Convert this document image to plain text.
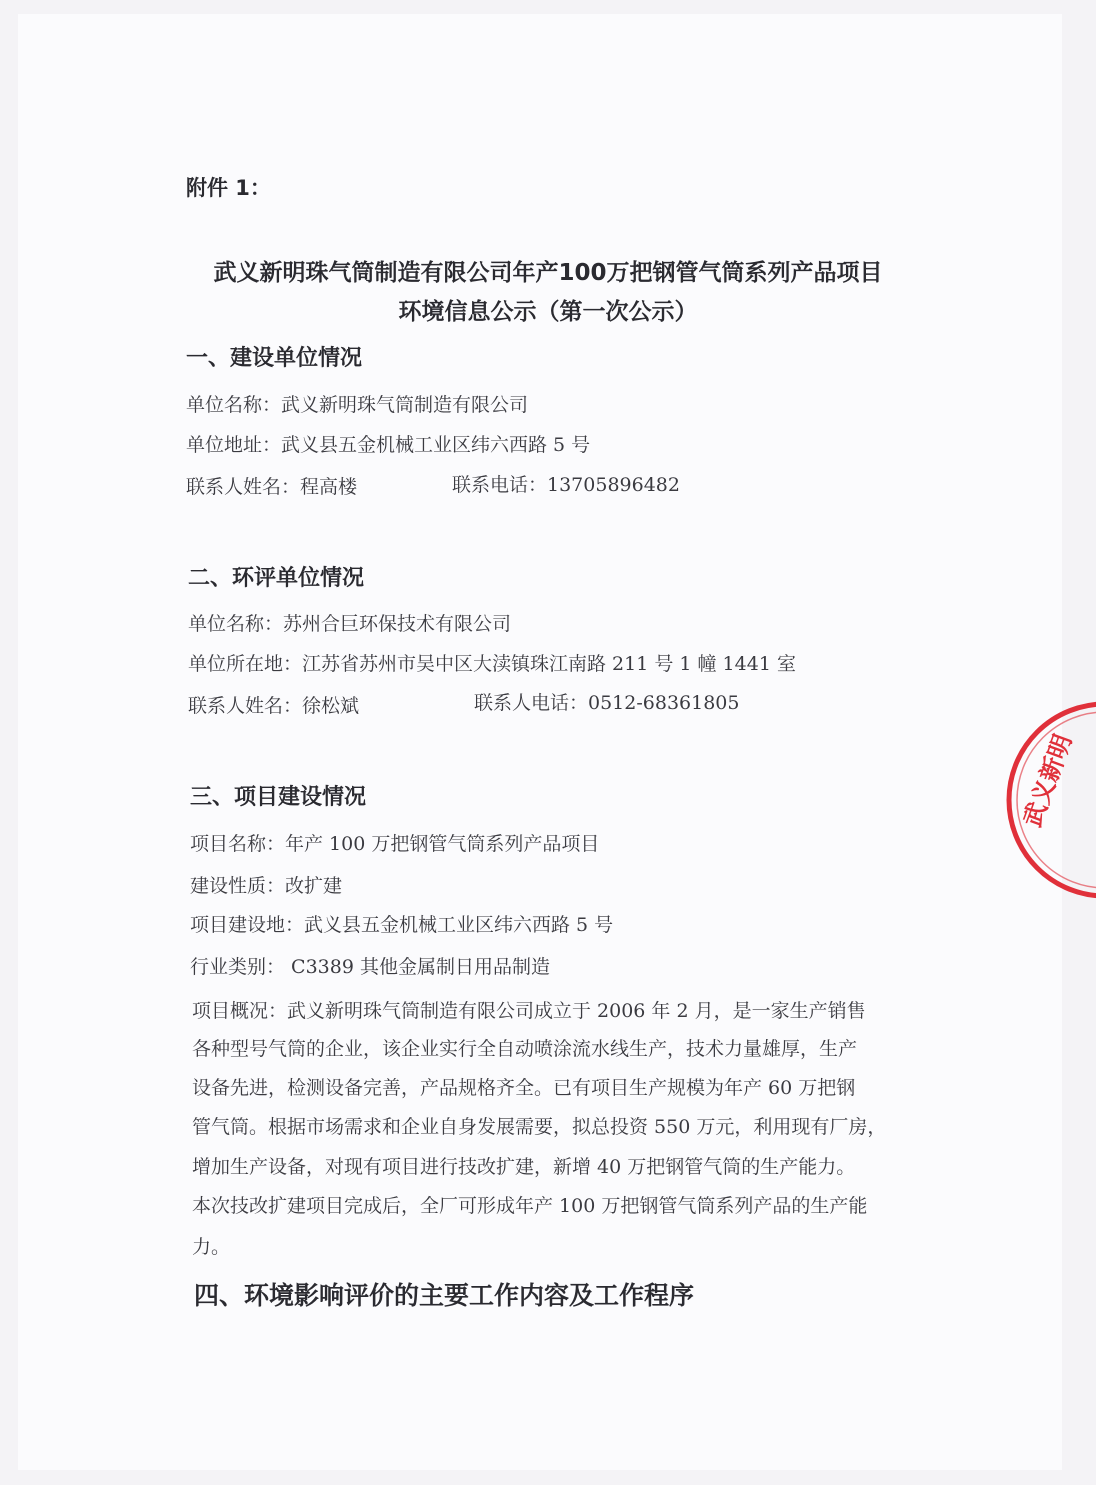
附件 1：
武义新明珠气筒制造有限公司年产100万把钢管气筒系列产品项目
环境信息公示（第一次公示）
一、建设单位情况
单位名称：武义新明珠气筒制造有限公司
单位地址：武义县五金机械工业区纬六西路 5 号
联系人姓名：程高楼	联系电话：13705896482
二、环评单位情况
单位名称：苏州合巨环保技术有限公司
单位所在地：江苏省苏州市吴中区大渎镇珠江南路 211 号 1 幢 1441 室
联系人姓名：徐松斌	联系人电话：0512-68361805
三、项目建设情况
项目名称：年产 100 万把钢管气筒系列产品项目
建设性质：改扩建
项目建设地：武义县五金机械工业区纬六西路 5 号
行业类别： C3389 其他金属制日用品制造
项目概况：武义新明珠气筒制造有限公司成立于 2006 年 2 月，是一家生产销售
各种型号气筒的企业，该企业实行全自动喷涂流水线生产，技术力量雄厚，生产
设备先进，检测设备完善，产品规格齐全。已有项目生产规模为年产 60 万把钢
管气筒。根据市场需求和企业自身发展需要，拟总投资 550 万元，利用现有厂房，
增加生产设备，对现有项目进行技改扩建，新增 40 万把钢管气筒的生产能力。
本次技改扩建项目完成后，全厂可形成年产 100 万把钢管气筒系列产品的生产能
力。
四、环境影响评价的主要工作内容及工作程序
武义新明
